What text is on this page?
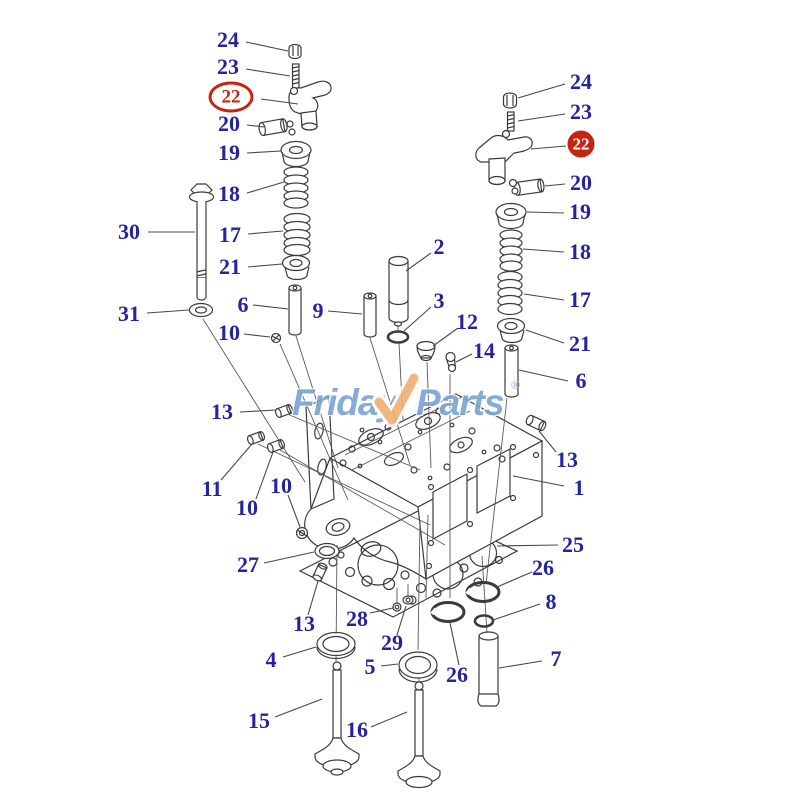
Friday Parts ®
24
23
22
20
19
18
30	17
21
31	6	9
10
2
3
12
14
24
23
22
20
19
18
17
21
6
13
11
10
10
13
1
27
25
26
8
13 28
29
4	5	26
7
15	16
